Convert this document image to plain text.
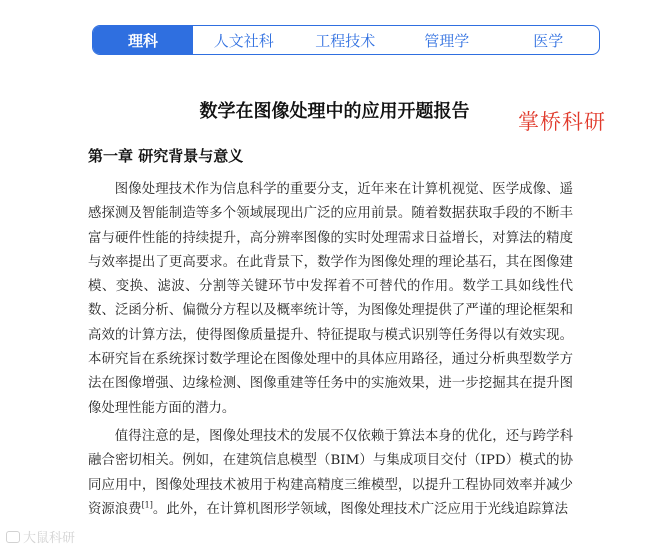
理科	人文社科	工程技术	管理学	医学
数学在图像处理中的应用开题报告	掌桥科研
第一章 研究背景与意义

图像处理技术作为信息科学的重要分支，近年来在计算机视觉、医学成像、遥感探测及智能制造等多个领域展现出广泛的应用前景。随着数据获取手段的不断丰富与硬件性能的持续提升，高分辨率图像的实时处理需求日益增长，对算法的精度与效率提出了更高要求。在此背景下，数学作为图像处理的理论基石，其在图像建模、变换、滤波、分割等关键环节中发挥着不可替代的作用。数学工具如线性代数、泛函分析、偏微分方程以及概率统计等，为图像处理提供了严谨的理论框架和高效的计算方法，使得图像质量提升、特征提取与模式识别等任务得以有效实现。本研究旨在系统探讨数学理论在图像处理中的具体应用路径，通过分析典型数学方法在图像增强、边缘检测、图像重建等任务中的实施效果，进一步挖掘其在提升图像处理性能方面的潜力。

值得注意的是，图像处理技术的发展不仅依赖于算法本身的优化，还与跨学科融合密切相关。例如，在建筑信息模型（BIM）与集成项目交付（IPD）模式的协同应用中，图像处理技术被用于构建高精度三维模型，以提升工程协同效率并减少资源浪费[1]。此外，在计算机图形学领域，图像处理技术广泛应用于光线追踪算法

大鼠科研
